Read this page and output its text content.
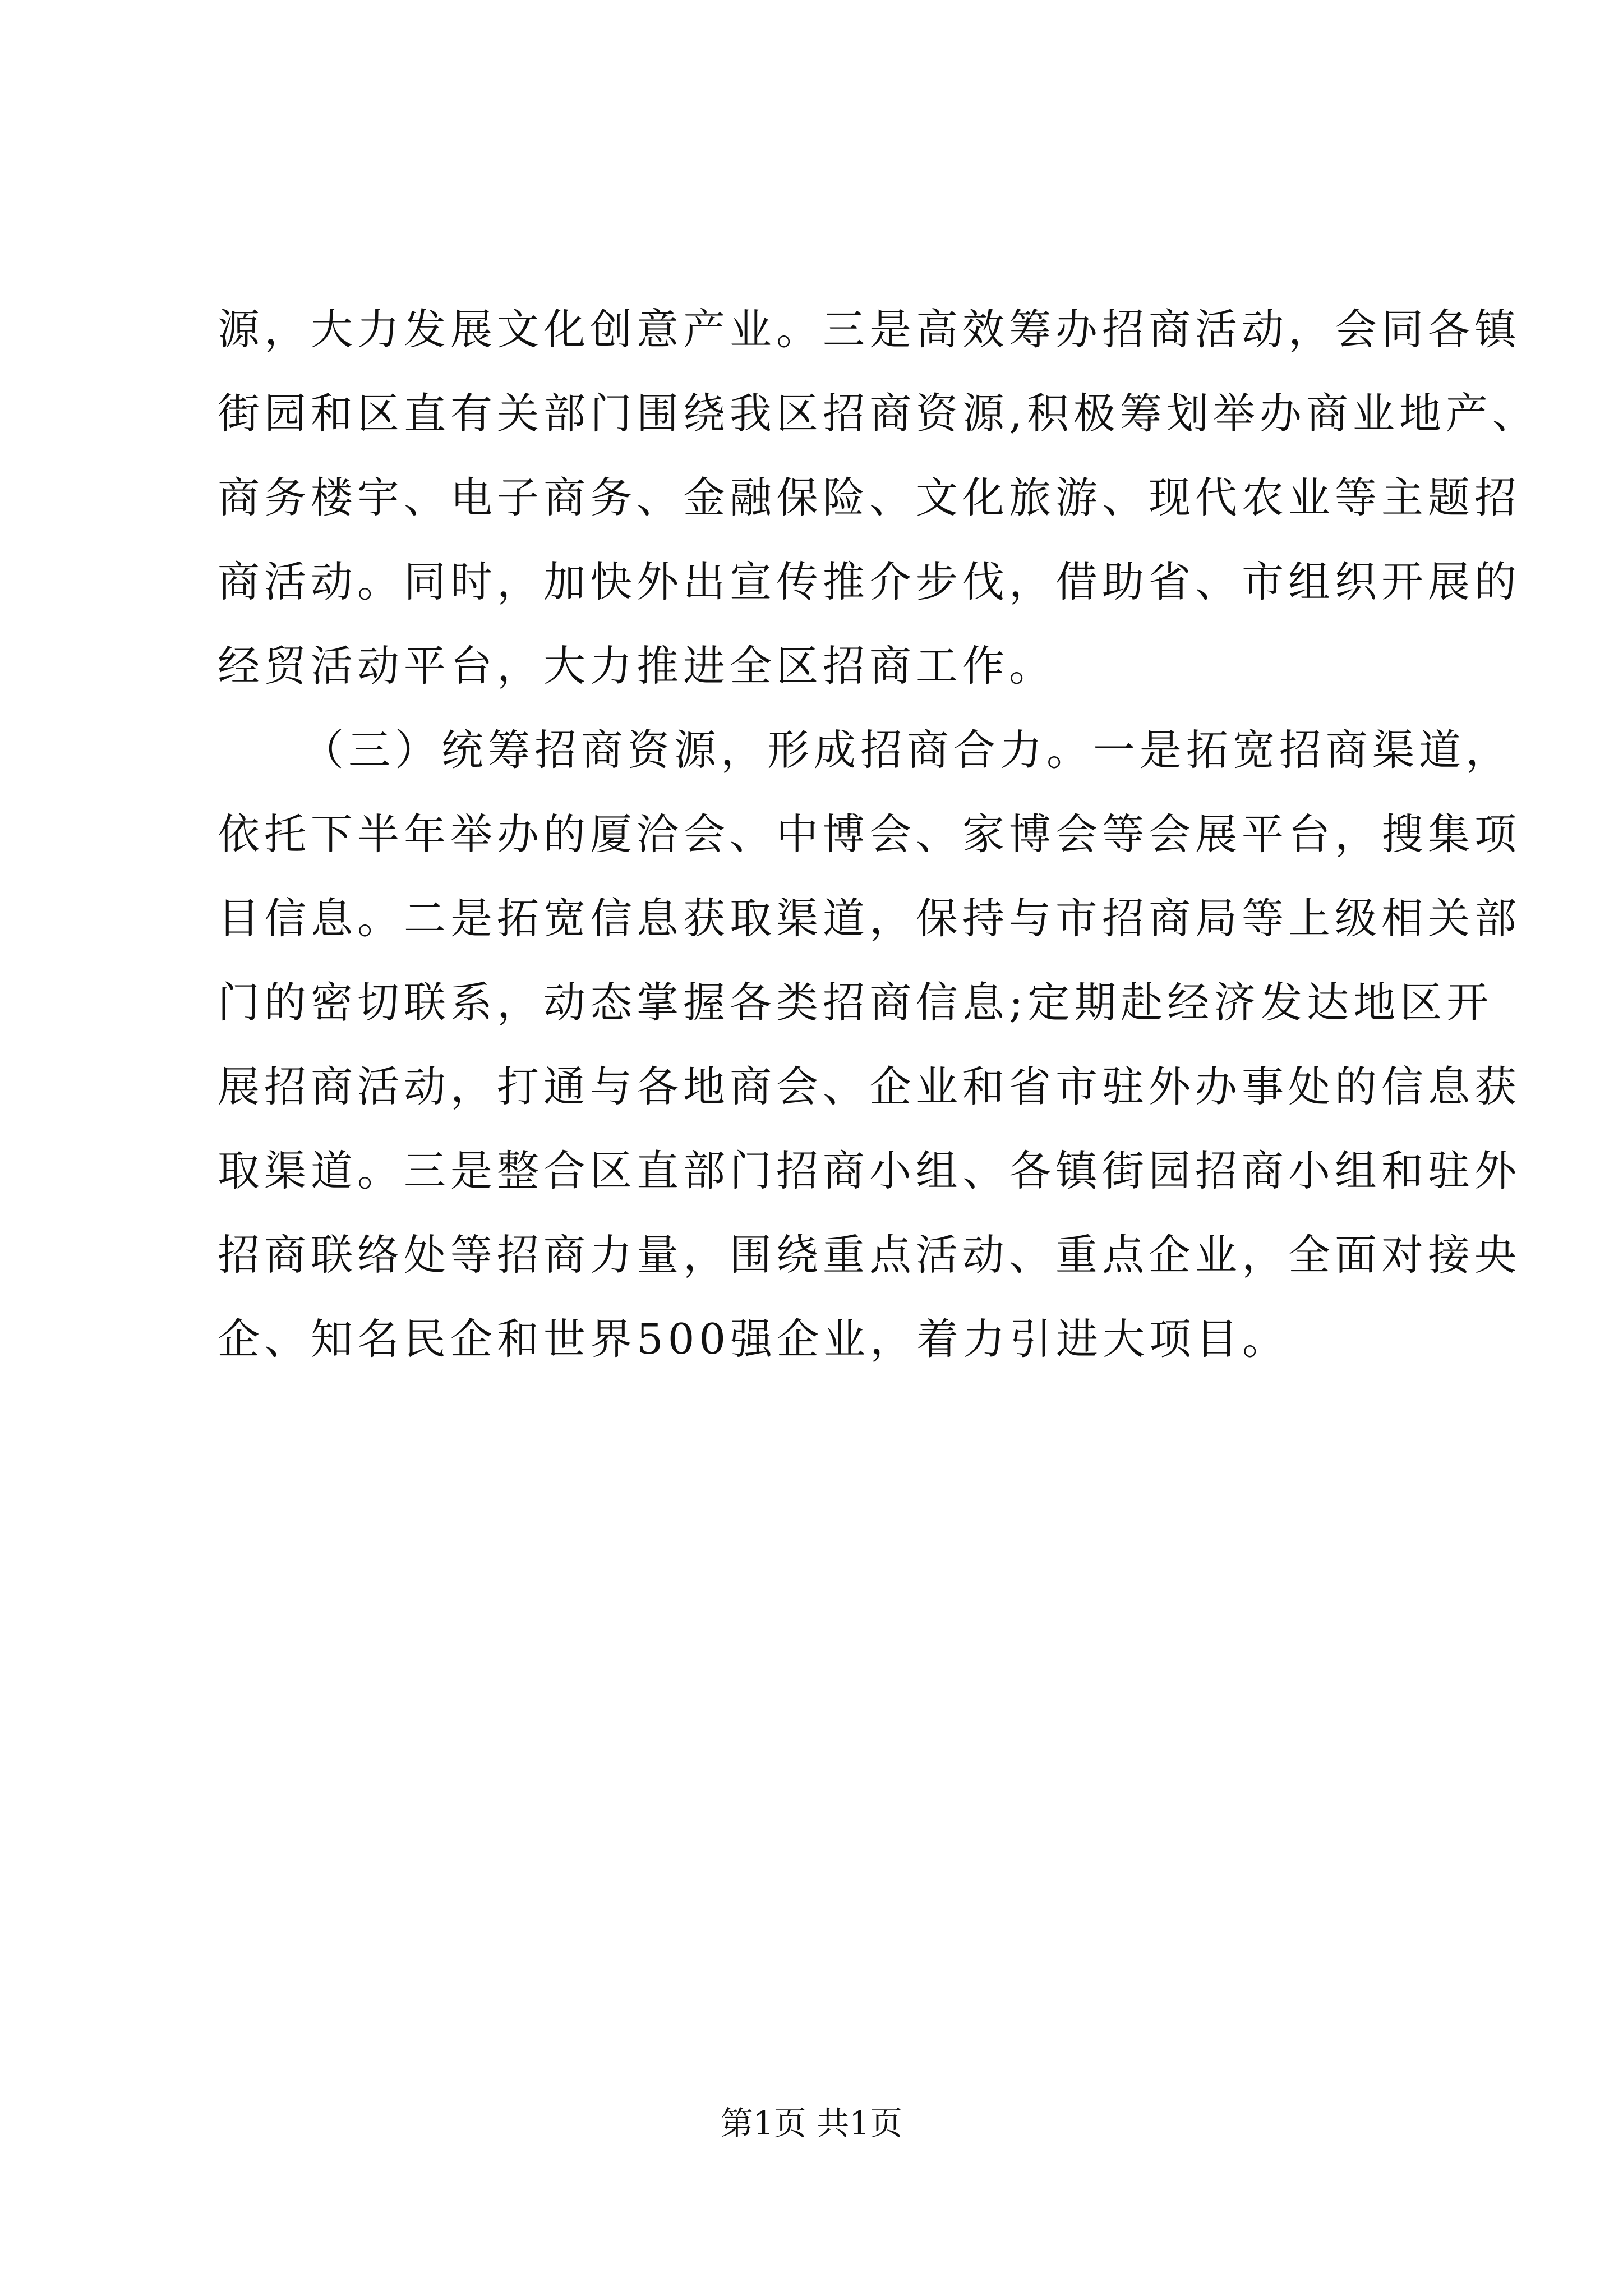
源，大力发展文化创意产业。三是高效筹办招商活动，会同各镇
街园和区直有关部门围绕我区招商资源,积极筹划举办商业地产、
商务楼宇、电子商务、金融保险、文化旅游、现代农业等主题招
商活动。同时，加快外出宣传推介步伐，借助省、市组织开展的
经贸活动平台，大力推进全区招商工作。
（三）统筹招商资源，形成招商合力。一是拓宽招商渠道，
依托下半年举办的厦洽会、中博会、家博会等会展平台，搜集项
目信息。二是拓宽信息获取渠道，保持与市招商局等上级相关部
门的密切联系，动态掌握各类招商信息;定期赴经济发达地区开
展招商活动，打通与各地商会、企业和省市驻外办事处的信息获
取渠道。三是整合区直部门招商小组、各镇街园招商小组和驻外
招商联络处等招商力量，围绕重点活动、重点企业，全面对接央
企、知名民企和世界500强企业，着力引进大项目。
第1页 共1页
